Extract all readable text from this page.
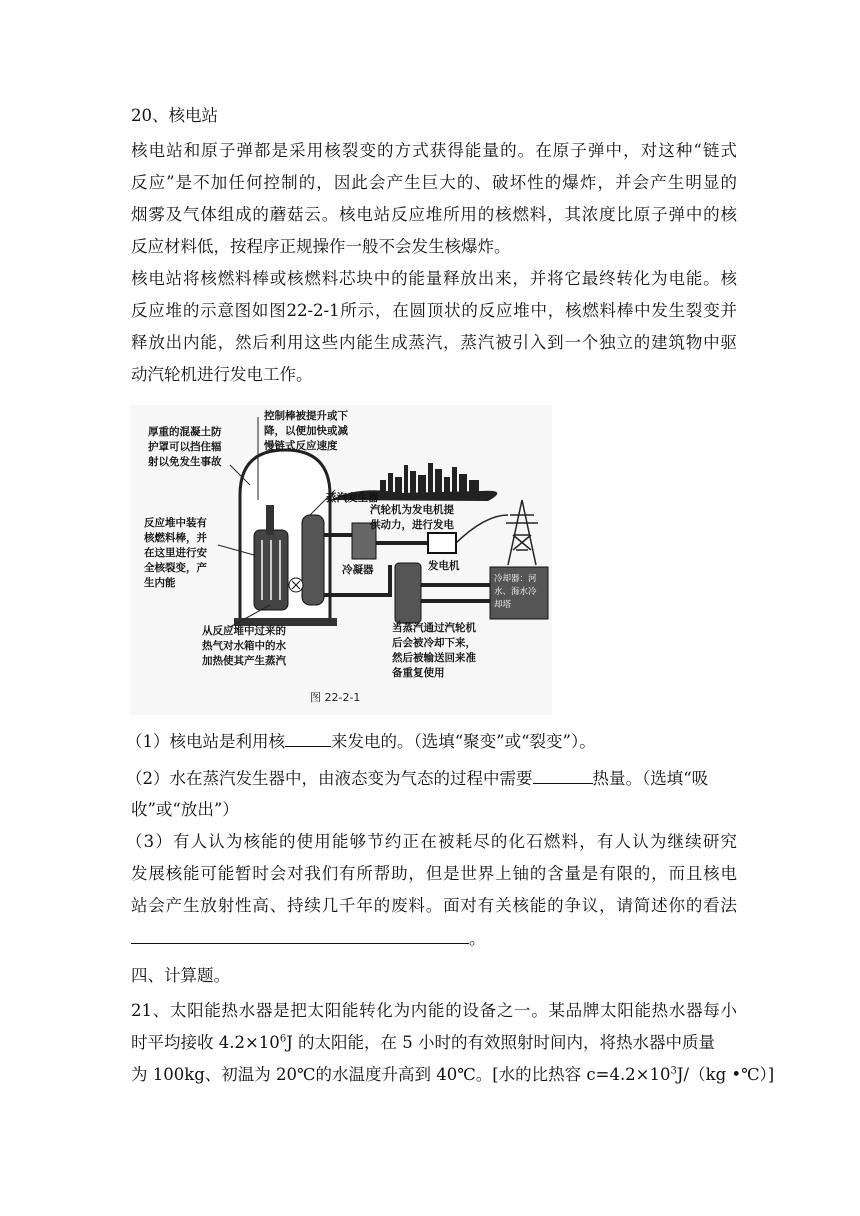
20、核电站
核电站和原子弹都是采用核裂变的方式获得能量的。在原子弹中，对这种“链式
反应”是不加任何控制的，因此会产生巨大的、破坏性的爆炸，并会产生明显的
烟雾及气体组成的蘑菇云。核电站反应堆所用的核燃料，其浓度比原子弹中的核
反应材料低，按程序正规操作一般不会发生核爆炸。
核电站将核燃料棒或核燃料芯块中的能量释放出来，并将它最终转化为电能。核
反应堆的示意图如图22-2-1所示，在圆顶状的反应堆中，核燃料棒中发生裂变并
释放出内能，然后利用这些内能生成蒸汽，蒸汽被引入到一个独立的建筑物中驱
动汽轮机进行发电工作。
厚重的混凝土防 护罩可以挡住辐 射以免发生事故
控制棒被提升或下 降，以便加快或减 慢链式反应速度
蒸汽发生器
汽轮机为发电机提 供动力，进行发电
反应堆中装有 核燃料棒，并 在这里进行安 全核裂变，产 生内能
发电机
冷凝器
冷却器：河 水、海水冷 却塔
从反应堆中过来的 热气对水箱中的水 加热使其产生蒸汽
当蒸汽通过汽轮机 后会被冷却下来， 然后被输送回来准 备重复使用
图 22-2-1
（1）核电站是利用核	来发电的。（选填“聚变”或“裂变”）。
（2）水在蒸汽发生器中，由液态变为气态的过程中需要	热量。（选填“吸
收”或“放出”）
（3）有人认为核能的使用能够节约正在被耗尽的化石燃料，有人认为继续研究
发展核能可能暂时会对我们有所帮助，但是世界上铀的含量是有限的，而且核电
站会产生放射性高、持续几千年的废料。面对有关核能的争议，请简述你的看法
。
四、计算题。
21、太阳能热水器是把太阳能转化为内能的设备之一。某品牌太阳能热水器每小
时平均接收 $4.2\times 10^6J$ 的太阳能，在 5 小时的有效照射时间内，将热水器中质量
为 100kg、初温为 20℃的水温度升高到 40℃。[水的比热容 $c=4.2\times 10^3J/(kg$ •℃）]
